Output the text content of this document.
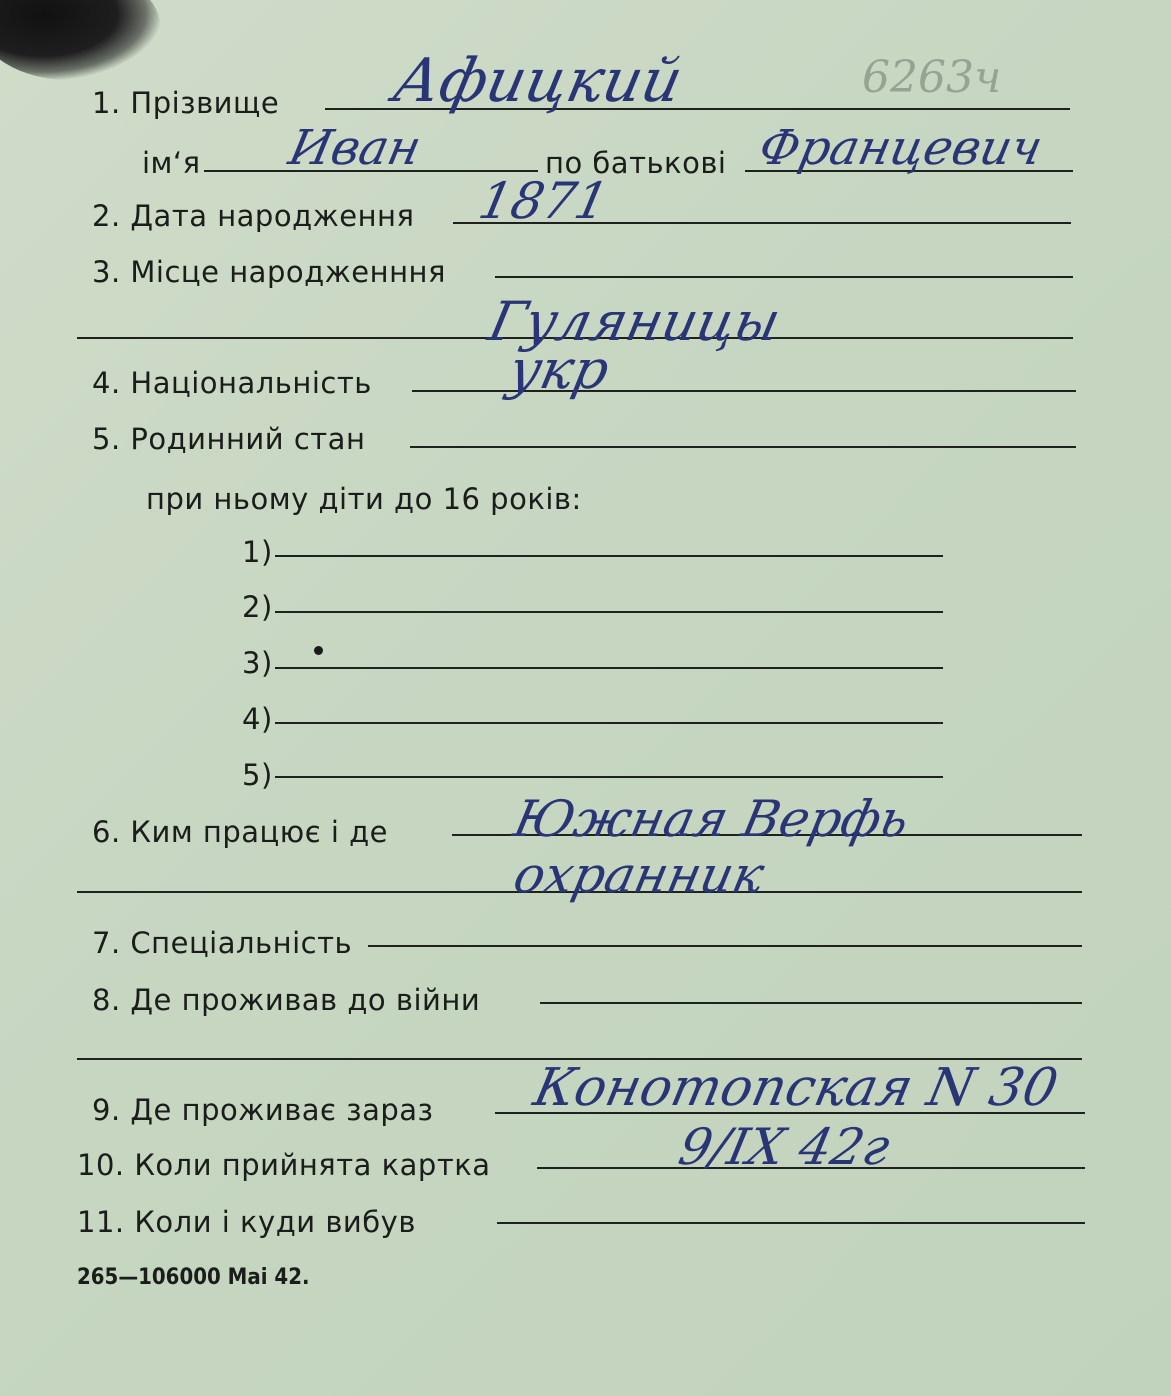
6263ч
1. Прізвище Афицкий
ім‘я Иван	по батькові Францевич
2. Дата народження 1871
3. Місце народженння
Гуляницы
4. Національність укр
5. Родинний стан
при ньому діти до 16 років:
1)
2)
3)
4)
5)
6. Ким працює і де Южная Верфь
охранник
7. Спеціальність
8. Де проживав до війни
9. Де проживає зараз Конотопская N 30
10. Коли прийнята картка	9/IX 42г
11. Коли і куди вибув
265—106000 Mai 42.
